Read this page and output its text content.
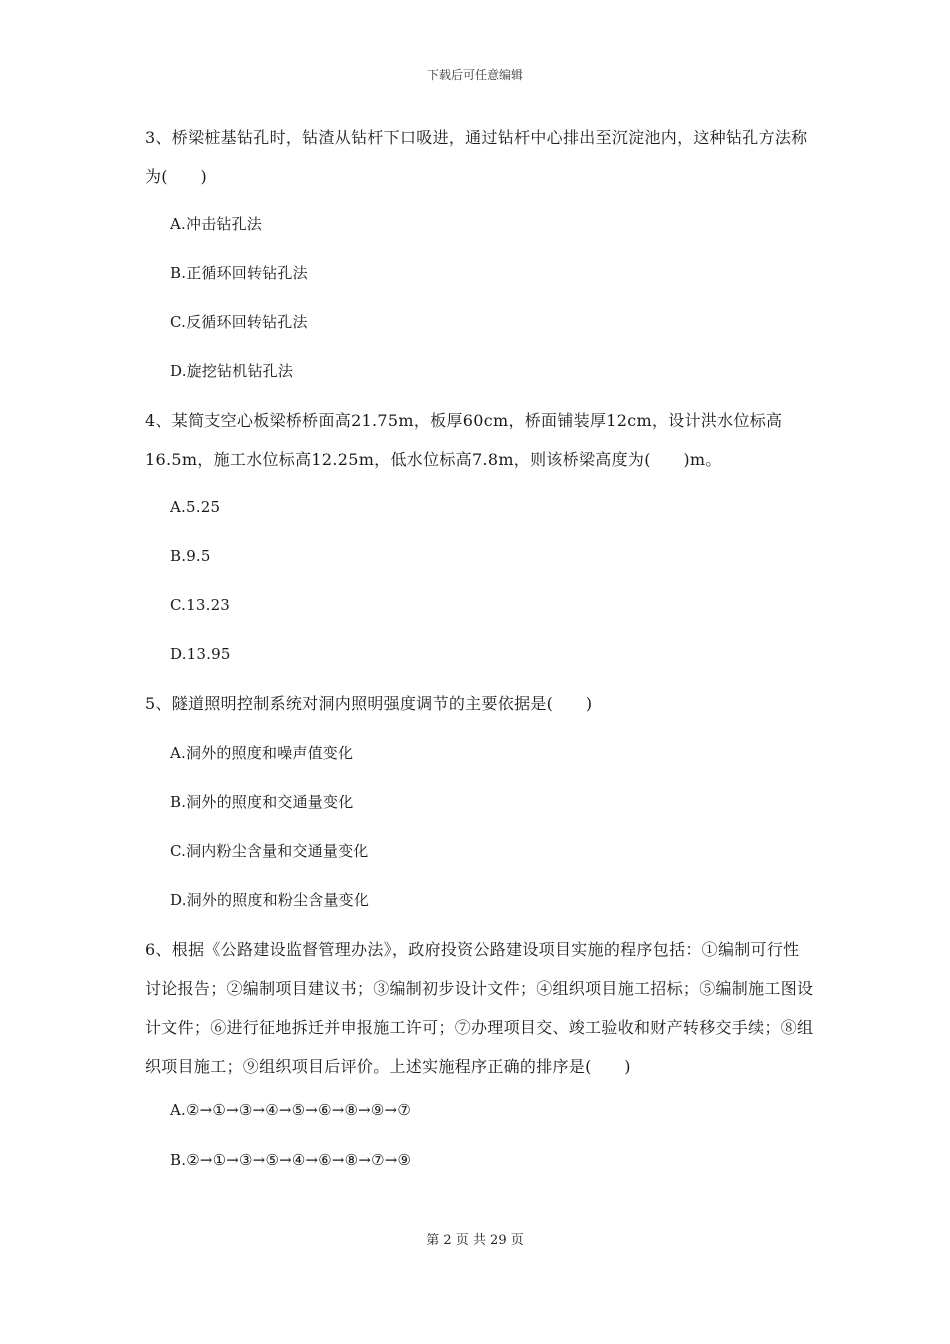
下载后可任意编辑
3、桥梁桩基钻孔时，钻渣从钻杆下口吸进，通过钻杆中心排出至沉淀池内，这种钻孔方法称为(　　)
A.冲击钻孔法
B.正循环回转钻孔法
C.反循环回转钻孔法
D.旋挖钻机钻孔法
4、某简支空心板梁桥桥面高21.75m，板厚60cm，桥面铺装厚12cm，设计洪水位标高16.5m，施工水位标高12.25m，低水位标高7.8m，则该桥梁高度为(　　)m。
A.5.25
B.9.5
C.13.23
D.13.95
5、隧道照明控制系统对洞内照明强度调节的主要依据是(　　)
A.洞外的照度和噪声值变化
B.洞外的照度和交通量变化
C.洞内粉尘含量和交通量变化
D.洞外的照度和粉尘含量变化
6、根据《公路建设监督管理办法》，政府投资公路建设项目实施的程序包括：①编制可行性讨论报告；②编制项目建议书；③编制初步设计文件；④组织项目施工招标；⑤编制施工图设计文件；⑥进行征地拆迁并申报施工许可；⑦办理项目交、竣工验收和财产转移交手续；⑧组织项目施工；⑨组织项目后评价。上述实施程序正确的排序是(　　)
A.②→①→③→④→⑤→⑥→⑧→⑨→⑦
B.②→①→③→⑤→④→⑥→⑧→⑦→⑨
第 2 页 共 29 页
